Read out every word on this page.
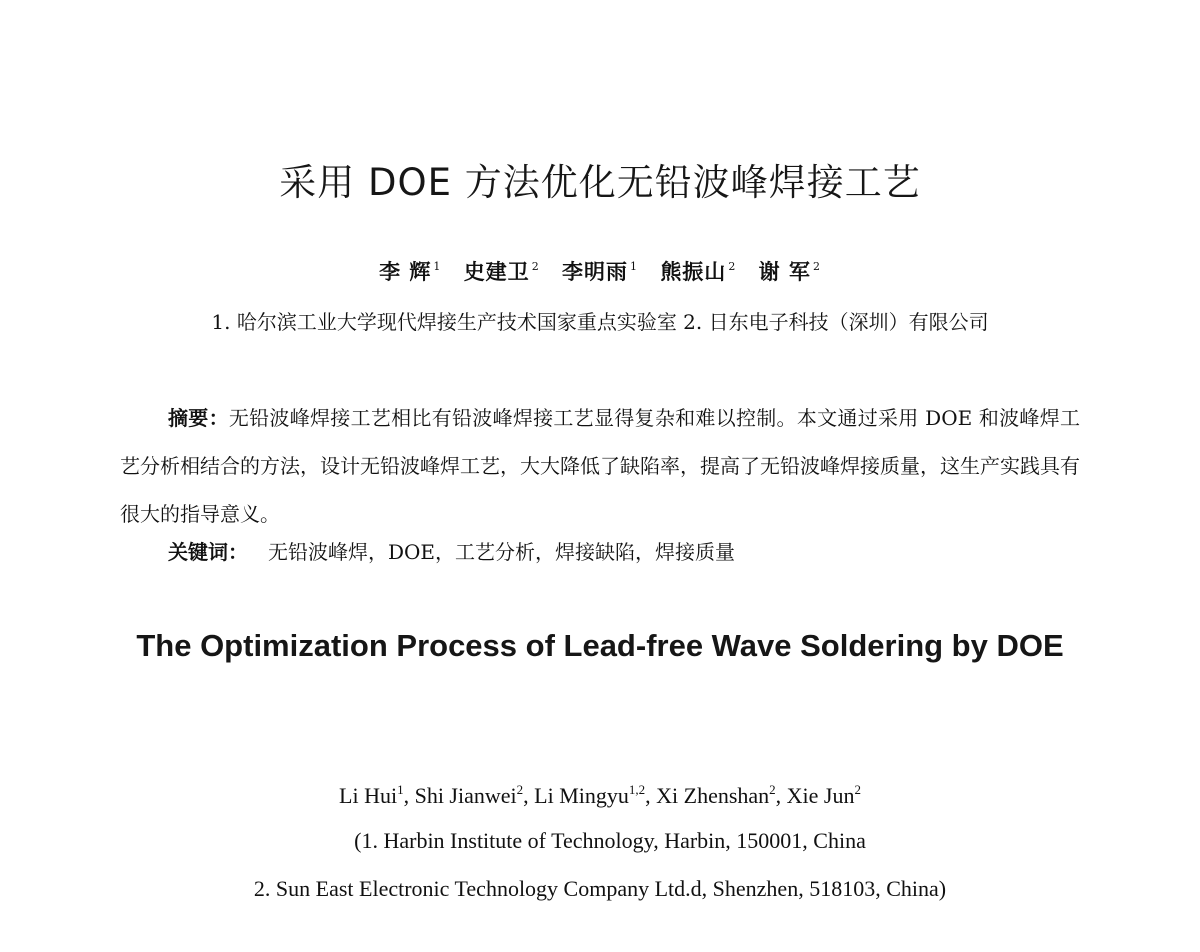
采用 DOE 方法优化无铅波峰焊接工艺
李 辉 $^1$ 史建卫 $^2$ 李明雨 $^1$ 熊振山 $^2$ 谢 军 $^2$
1. 哈尔滨工业大学现代焊接生产技术国家重点实验室 2. 日东电子科技（深圳）有限公司
摘要：无铅波峰焊接工艺相比有铅波峰焊接工艺显得复杂和难以控制。本文通过采用 DOE 和波峰焊工艺分析相结合的方法，设计无铅波峰焊工艺，大大降低了缺陷率，提高了无铅波峰焊接质量，这生产实践具有很大的指导意义。
关键词： 无铅波峰焊，DOE，工艺分析，焊接缺陷，焊接质量
The Optimization Process of Lead-free Wave Soldering by DOE
Li Hui$^1$, Shi Jianwei$^2$, Li Mingyu$^{1,2}$, Xi Zhenshan$^2$, Xie Jun$^2$
(1. Harbin Institute of Technology, Harbin, 150001, China
2. Sun East Electronic Technology Company Ltd.d, Shenzhen, 518103, China)
